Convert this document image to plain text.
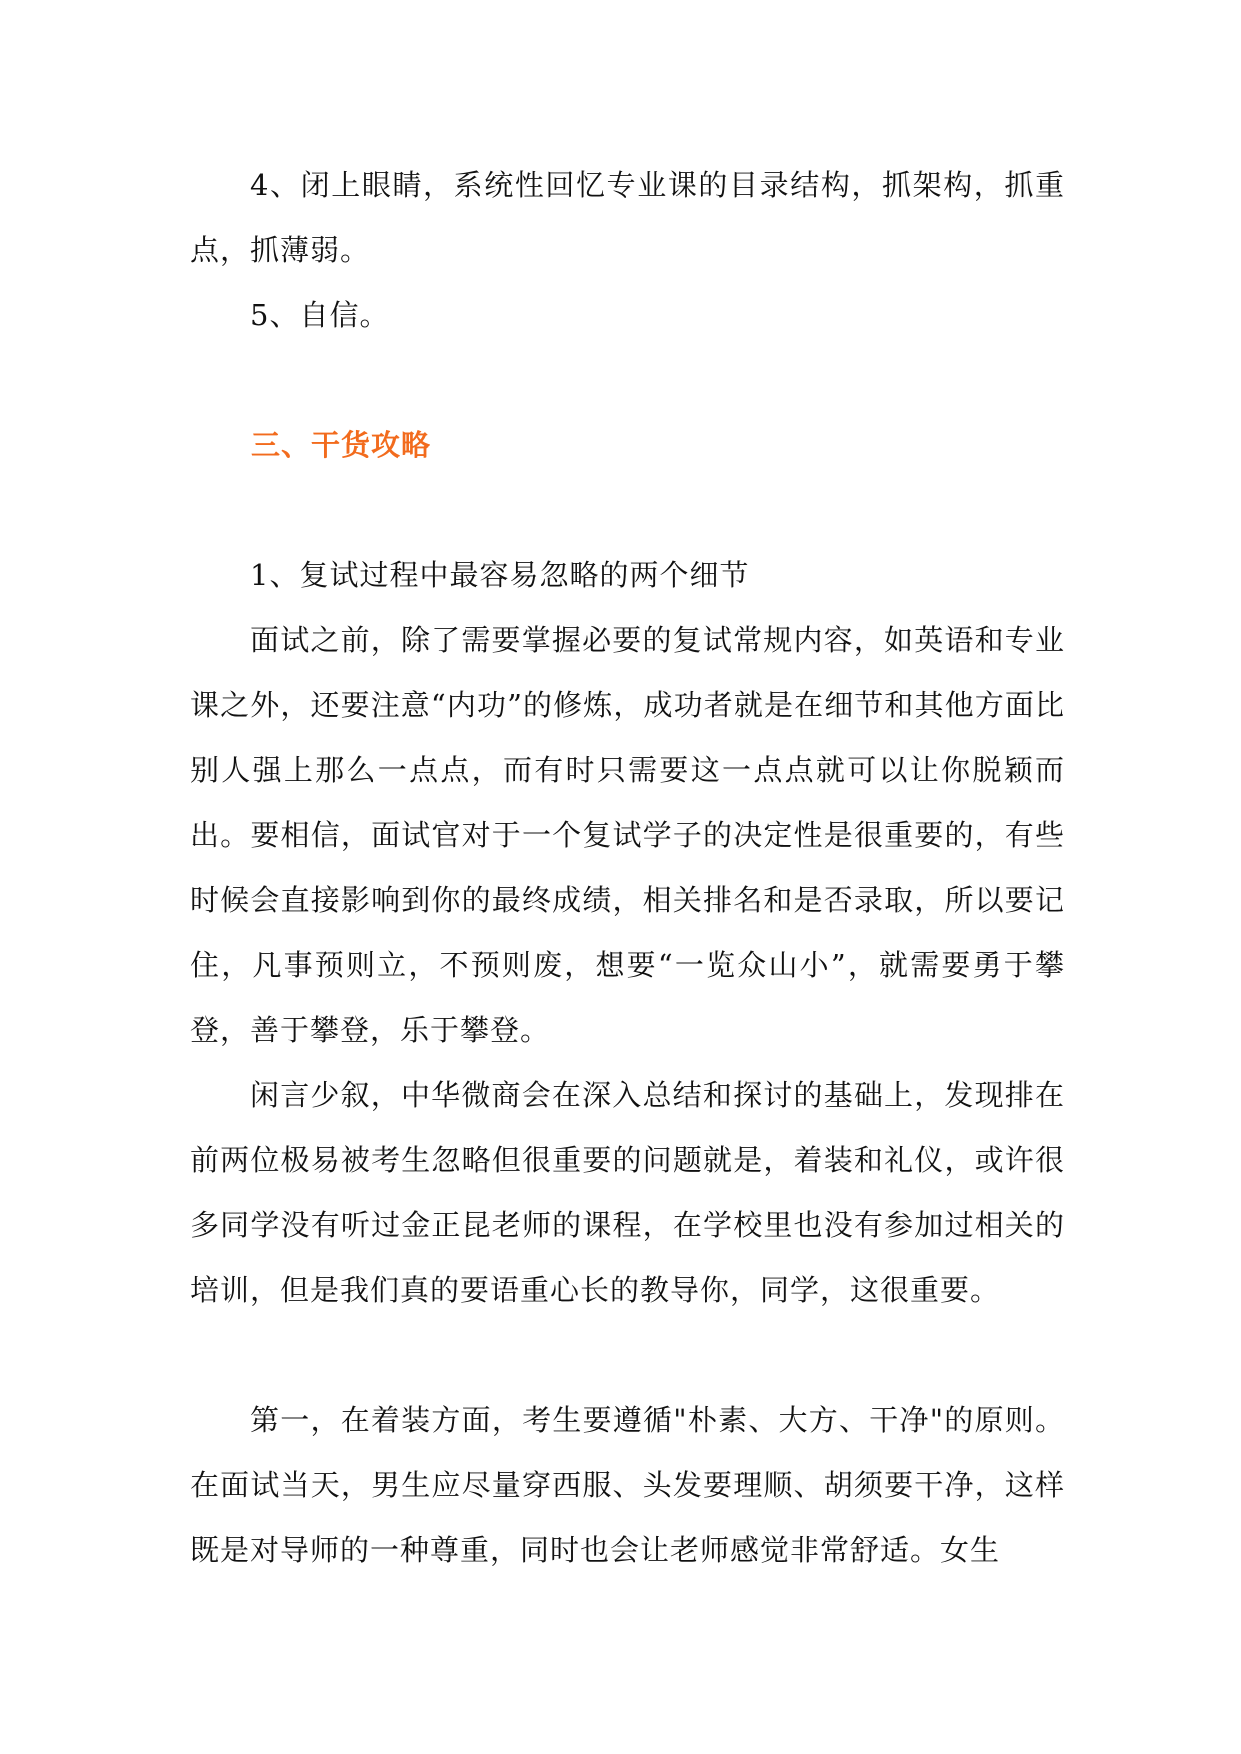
4、闭上眼睛，系统性回忆专业课的目录结构，抓架构，抓重点，抓薄弱。

5、自信。

三、干货攻略

1、复试过程中最容易忽略的两个细节

面试之前，除了需要掌握必要的复试常规内容，如英语和专业课之外，还要注意“内功”的修炼，成功者就是在细节和其他方面比别人强上那么一点点，而有时只需要这一点点就可以让你脱颖而出。要相信，面试官对于一个复试学子的决定性是很重要的，有些时候会直接影响到你的最终成绩，相关排名和是否录取，所以要记住，凡事预则立，不预则废，想要“一览众山小”，就需要勇于攀登，善于攀登，乐于攀登。

闲言少叙，中华微商会在深入总结和探讨的基础上，发现排在前两位极易被考生忽略但很重要的问题就是，着装和礼仪，或许很多同学没有听过金正昆老师的课程，在学校里也没有参加过相关的培训，但是我们真的要语重心长的教导你，同学，这很重要。

第一，在着装方面，考生要遵循"朴素、大方、干净"的原则。在面试当天，男生应尽量穿西服、头发要理顺、胡须要干净，这样既是对导师的一种尊重，同时也会让老师感觉非常舒适。女生
